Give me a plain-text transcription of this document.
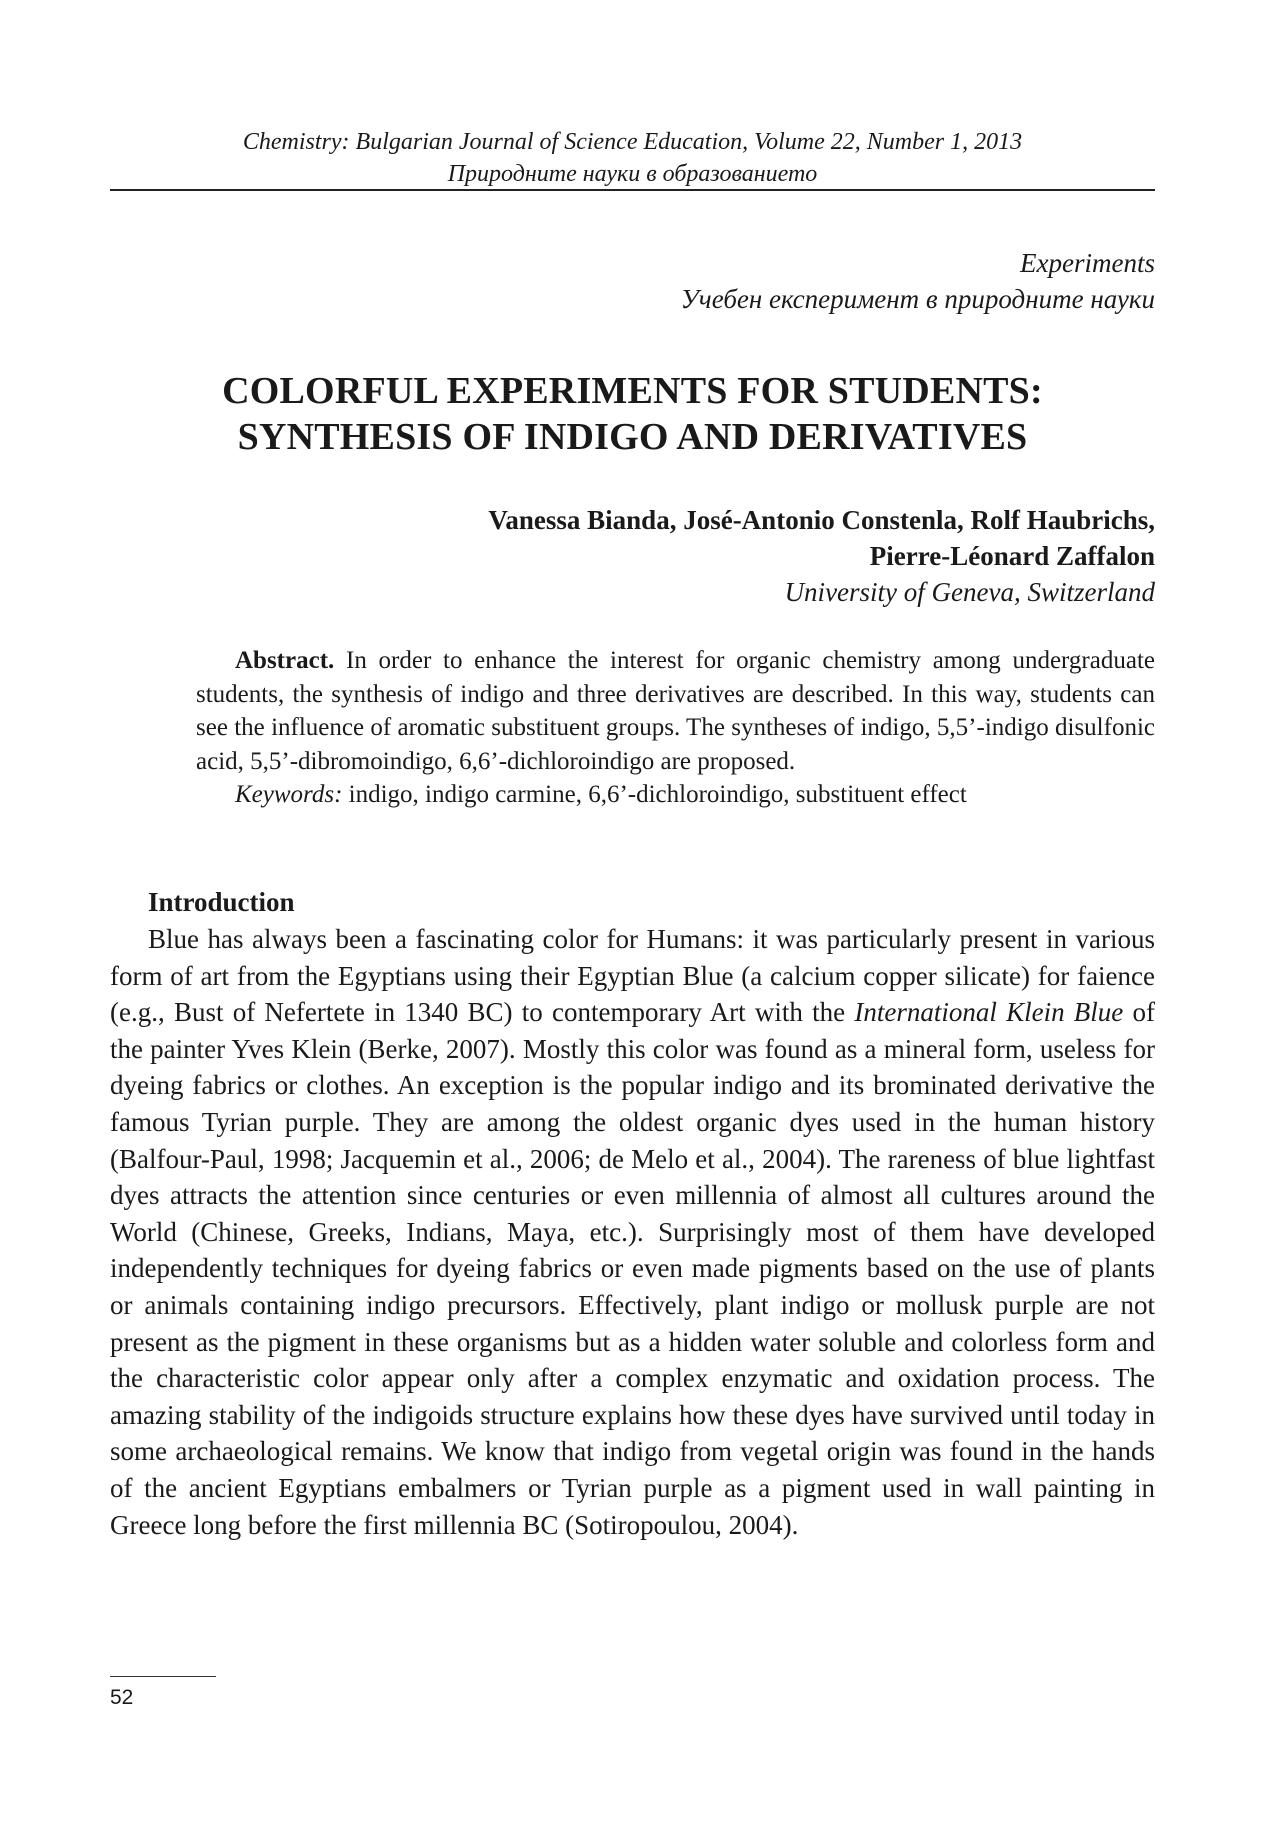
Chemistry: Bulgarian Journal of Science Education, Volume 22, Number 1, 2013
Природните науки в образованието
Experiments
Учебен експеримент в природните науки
COLORFUL EXPERIMENTS FOR STUDENTS:
SYNTHESIS OF INDIGO AND DERIVATIVES
Vanessa Bianda, José-Antonio Constenla, Rolf Haubrichs,
Pierre-Léonard Zaffalon
University of Geneva, Switzerland

Abstract. In order to enhance the interest for organic chemistry among undergraduate students, the synthesis of indigo and three derivatives are described. In this way, students can see the influence of aromatic substituent groups. The syntheses of indigo, 5,5’-indigo disulfonic acid, 5,5’-dibromoindigo, 6,6’-dichloroindigo are proposed.

Keywords: indigo, indigo carmine, 6,6’-dichloroindigo, substituent effect

Introduction

Blue has always been a fascinating color for Humans: it was particularly present in various form of art from the Egyptians using their Egyptian Blue (a calcium copper silicate) for faience (e.g., Bust of Nefertete in 1340 BC) to contemporary Art with the International Klein Blue of the painter Yves Klein (Berke, 2007). Mostly this color was found as a mineral form, useless for dyeing fabrics or clothes. An exception is the popular indigo and its brominated derivative the famous Tyrian purple. They are among the oldest organic dyes used in the human history (Balfour-Paul, 1998; Jacquemin et al., 2006; de Melo et al., 2004). The rareness of blue lightfast dyes attracts the attention since centuries or even millennia of almost all cultures around the World (Chinese, Greeks, Indians, Maya, etc.). Surprisingly most of them have developed independently techniques for dyeing fabrics or even made pigments based on the use of plants or animals containing indigo precursors. Effectively, plant indigo or mollusk purple are not present as the pigment in these organisms but as a hidden water soluble and colorless form and the characteristic color appear only after a complex enzymatic and oxidation process. The amazing stability of the indigoids structure explains how these dyes have survived until today in some archaeological remains. We know that indigo from vegetal origin was found in the hands of the ancient Egyptians embalmers or Tyrian purple as a pigment used in wall painting in Greece long before the first millennia BC (Sotiropoulou, 2004).

52
